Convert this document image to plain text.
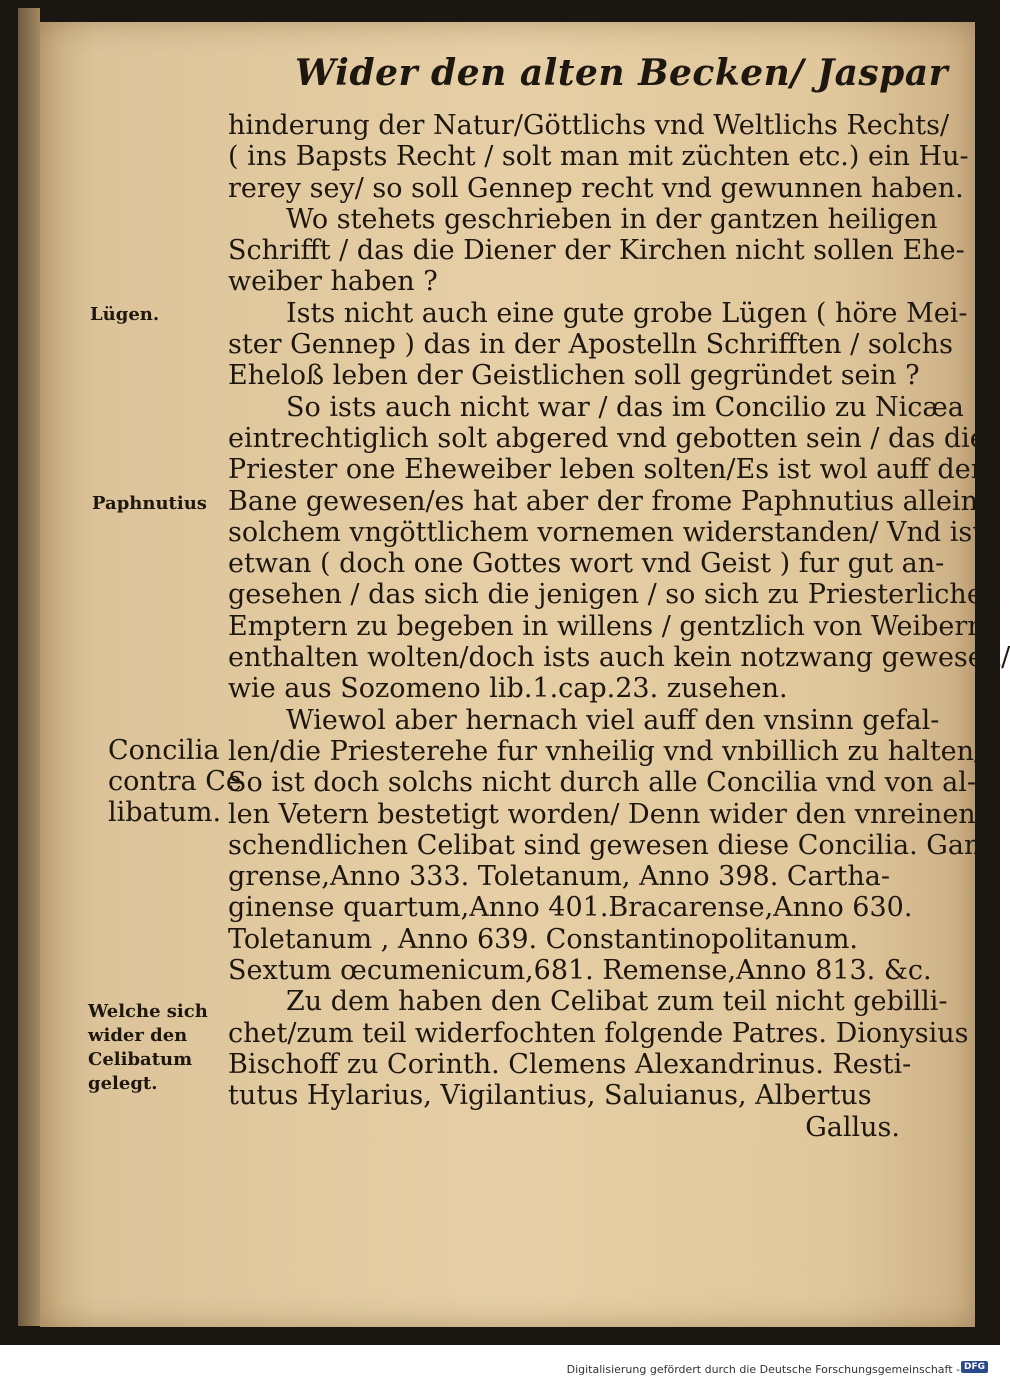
Wider den alten Becken/ Jaspar
hinderung der Natur/Göttlichs vnd Weltlichs Rechts/
( ins Bapsts Recht / solt man mit züchten etc.) ein Hu-
rerey sey/ so soll Gennep recht vnd gewunnen haben.
Wo stehets geschrieben in der gantzen heiligen
Schrifft / das die Diener der Kirchen nicht sollen Ehe-
weiber haben ?
Ists nicht auch eine gute grobe Lügen ( höre Mei-
ster Gennep ) das in der Apostelln Schrifften / solchs
Eheloß leben der Geistlichen soll gegründet sein ?
So ists auch nicht war / das im Concilio zu Nicæa
eintrechtiglich solt abgered vnd gebotten sein / das die
Priester one Eheweiber leben solten/Es ist wol auff der
Bane gewesen/es hat aber der frome Paphnutius allein
solchem vngöttlichem vornemen widerstanden/ Vnd ist
etwan ( doch one Gottes wort vnd Geist ) fur gut an-
gesehen / das sich die jenigen / so sich zu Priesterlichen
Emptern zu begeben in willens / gentzlich von Weibern
enthalten wolten/doch ists auch kein notzwang gewesen/
wie aus Sozomeno lib.1.cap.23. zusehen.
Wiewol aber hernach viel auff den vnsinn gefal-
len/die Priesterehe fur vnheilig vnd vnbillich zu halten/
So ist doch solchs nicht durch alle Concilia vnd von al-
len Vetern bestetigt worden/ Denn wider den vnreinen
schendlichen Celibat sind gewesen diese Concilia. Gan-
grense,Anno 333. Toletanum, Anno 398. Cartha-
ginense quartum,Anno 401.Bracarense,Anno 630.
Toletanum , Anno 639. Constantinopolitanum.
Sextum œcumenicum,681. Remense,Anno 813. &c.
Zu dem haben den Celibat zum teil nicht gebilli-
chet/zum teil widerfochten folgende Patres. Dionysius
Bischoff zu Corinth. Clemens Alexandrinus. Resti-
tutus Hylarius, Vigilantius, Saluianus, Albertus
Gallus.
Lügen.
Paphnutius
Concilia
contra Ce
libatum.
Welche sich
wider den
Celibatum
gelegt.
Digitalisierung gefördert durch die Deutsche Forschungsgemeinschaft - DFG
